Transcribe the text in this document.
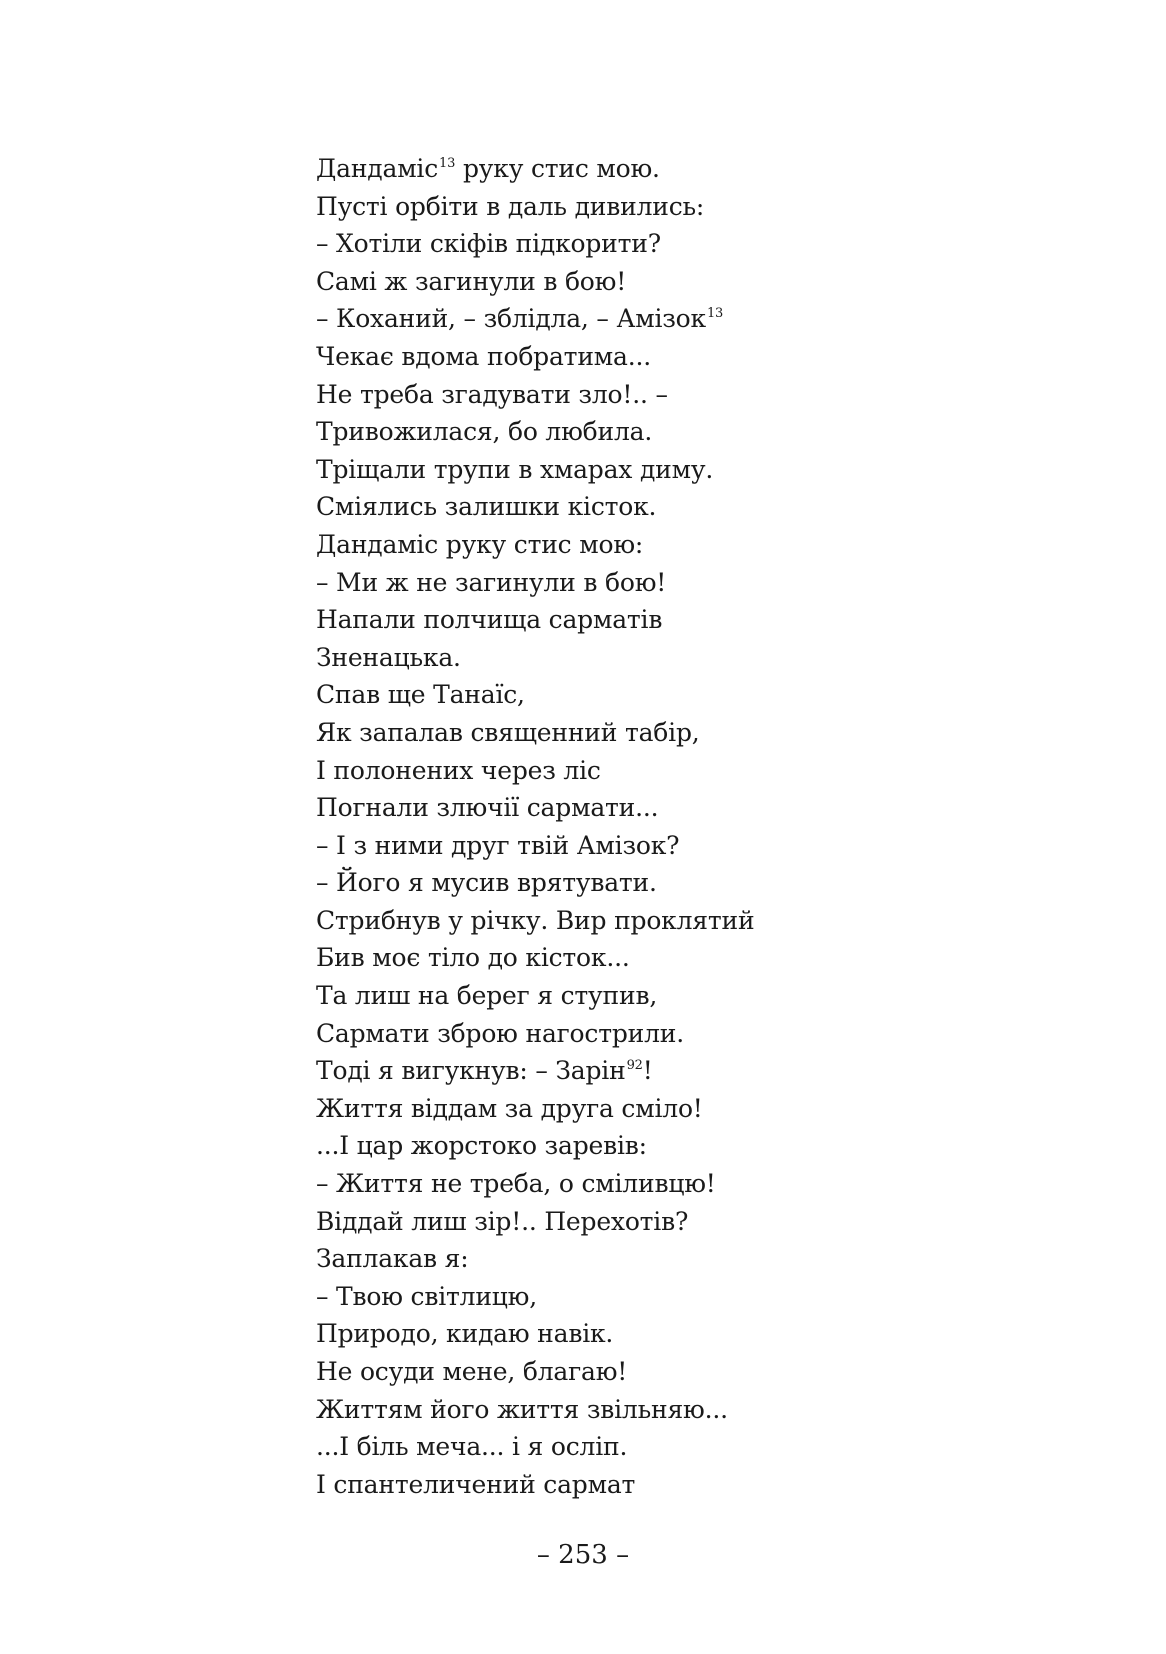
Дандаміс$^{13}$ руку стис мою.
Пусті орбіти в даль дивились:
– Хотіли скіфів підкорити?
Самі ж загинули в бою!
– Коханий, – зблідла, – Амізок$^{13}$
Чекає вдома побратима...
Не треба згадувати зло!.. –
Тривожилася, бо любила.
Тріщали трупи в хмарах диму.
Сміялись залишки кісток.
Дандаміс руку стис мою:
– Ми ж не загинули в бою!
Напали полчища сарматів
Зненацька.
Спав ще Танаїс,
Як запалав священний табір,
І полонених через ліс
Погнали злючії сармати...
– І з ними друг твій Амізок?
– Його я мусив врятувати.
Стрибнув у річку. Вир проклятий
Бив моє тіло до кісток...
Та лиш на берег я ступив,
Сармати зброю нагострили.
Тоді я вигукнув: – Зарін$^{92}$!
Життя віддам за друга сміло!
...І цар жорстоко заревів:
– Життя не треба, о сміливцю!
Віддай лиш зір!.. Перехотів?
Заплакав я:
– Твою світлицю,
Природо, кидаю навік.
Не осуди мене, благаю!
Життям його життя звільняю...
...І біль меча... і я осліп.
І спантеличений сармат
– 253 –
